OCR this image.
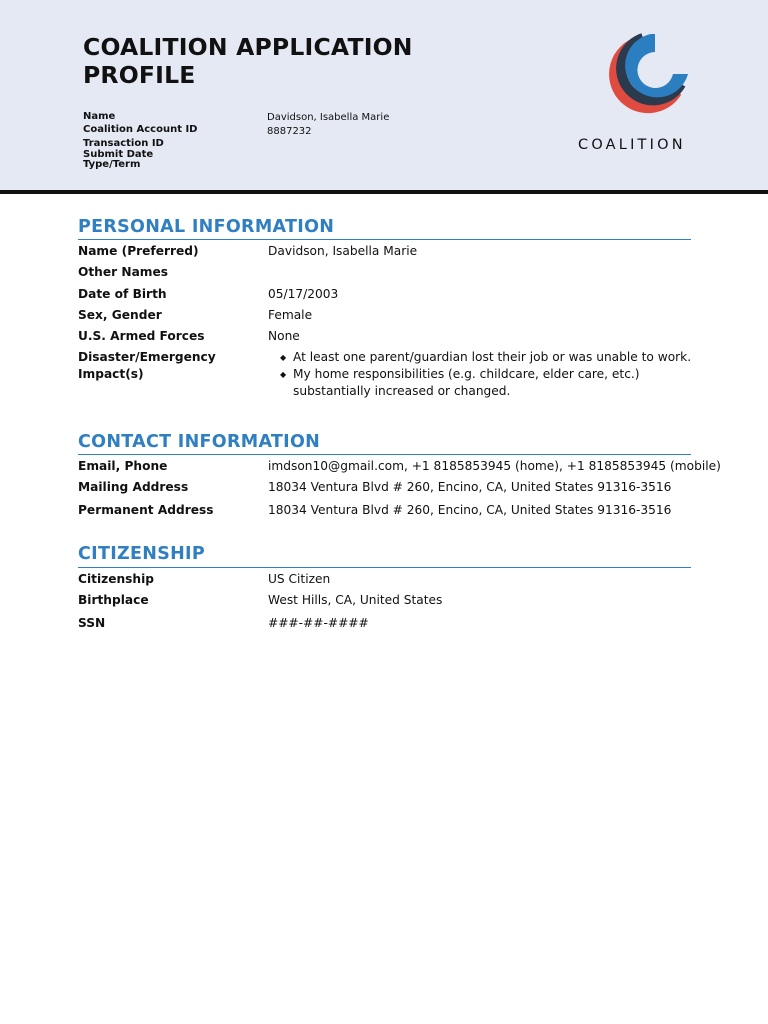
COALITION APPLICATION PROFILE
Name	Davidson, Isabella Marie
Coalition Account ID	8887232
Transaction ID
Submit Date
Type/Term
COALITION
PERSONAL INFORMATION
Name (Preferred)	Davidson, Isabella Marie
Other Names
Date of Birth	05/17/2003
Sex, Gender	Female
U.S. Armed Forces	None
Disaster/Emergency
Impact(s)
◆ At least one parent/guardian lost their job or was unable to work.
◆ My home responsibilities (e.g. childcare, elder care, etc.)
substantially increased or changed.
CONTACT INFORMATION
Email, Phone	imdson10@gmail.com, +1 8185853945 (home), +1 8185853945 (mobile)
Mailing Address	18034 Ventura Blvd # 260, Encino, CA, United States 91316-3516
Permanent Address	18034 Ventura Blvd # 260, Encino, CA, United States 91316-3516
CITIZENSHIP
Citizenship	US Citizen
Birthplace	West Hills, CA, United States
SSN	###-##-####
